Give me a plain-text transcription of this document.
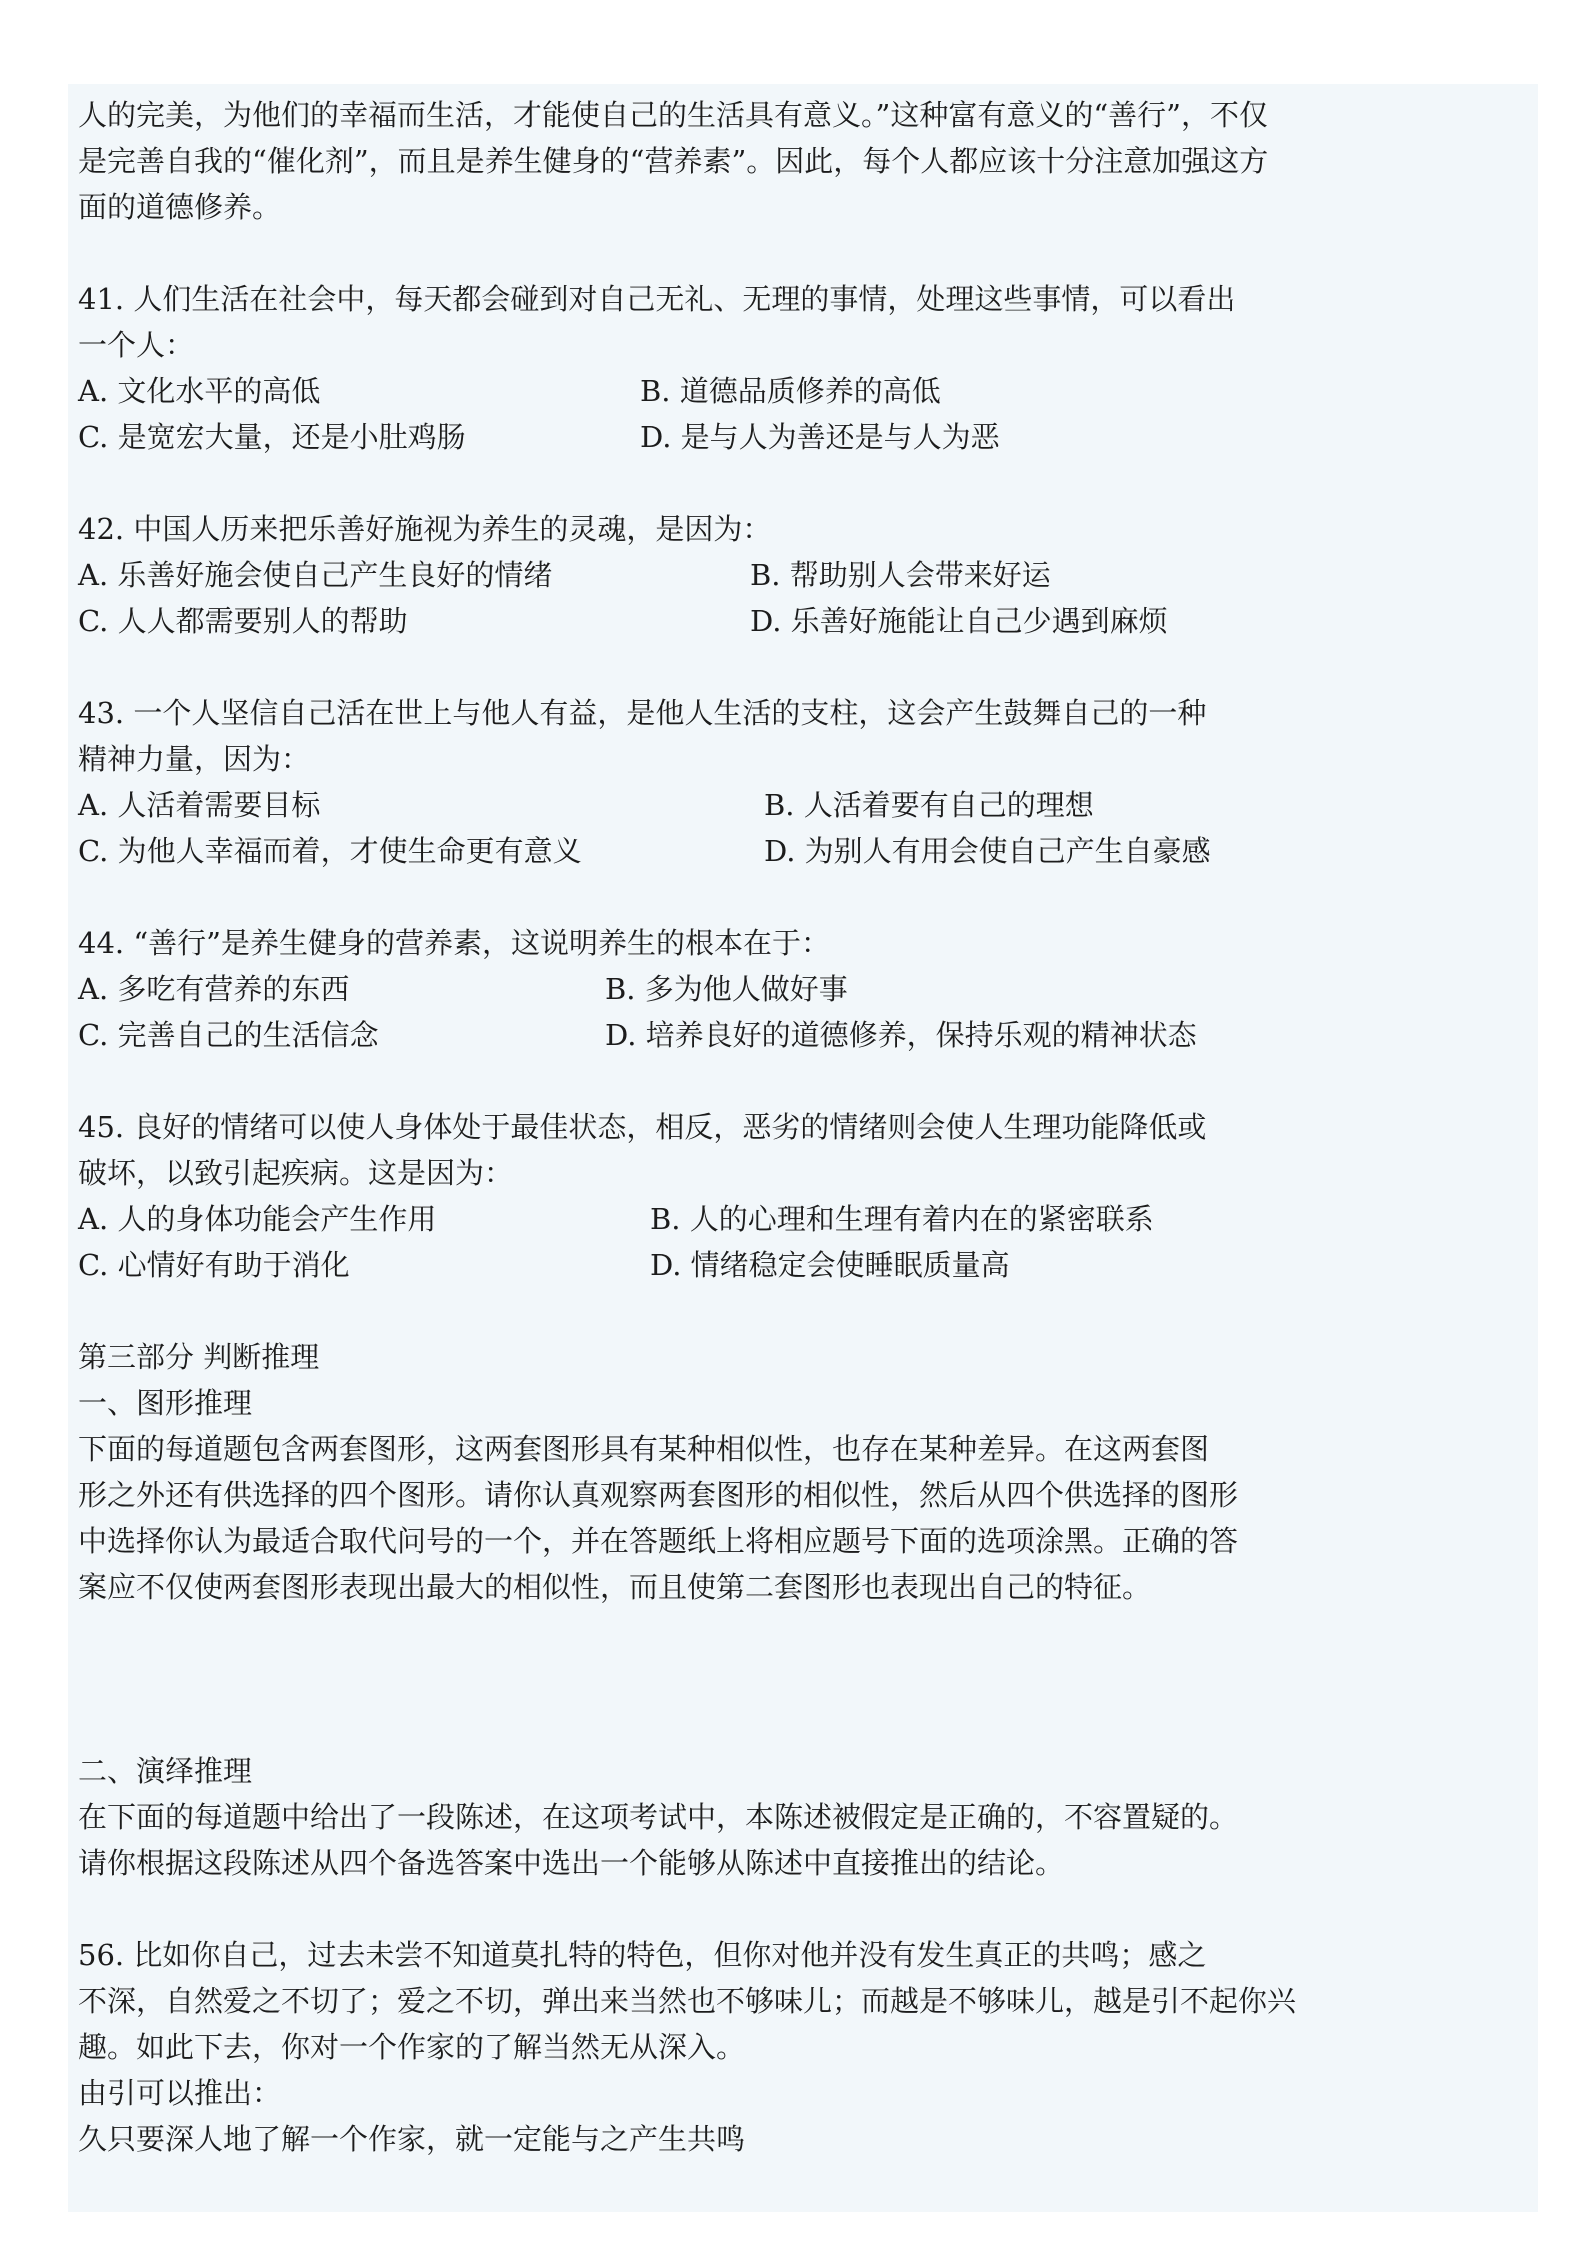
人的完美，为他们的幸福而生活，才能使自己的生活具有意义。”这种富有意义的“善行”，不仅
是完善自我的“催化剂”，而且是养生健身的“营养素”。因此，每个人都应该十分注意加强这方
面的道德修养。
41. 人们生活在社会中，每天都会碰到对自己无礼、无理的事情，处理这些事情，可以看出
一个人：
A. 文化水平的高低	B. 道德品质修养的高低
C. 是宽宏大量，还是小肚鸡肠	D. 是与人为善还是与人为恶
42. 中国人历来把乐善好施视为养生的灵魂，是因为：
A. 乐善好施会使自己产生良好的情绪	B. 帮助别人会带来好运
C. 人人都需要别人的帮助	D. 乐善好施能让自己少遇到麻烦
43. 一个人坚信自己活在世上与他人有益，是他人生活的支柱，这会产生鼓舞自己的一种
精神力量，因为：
A. 人活着需要目标	B. 人活着要有自己的理想
C. 为他人幸福而着，才使生命更有意义	D. 为别人有用会使自己产生自豪感
44. “善行”是养生健身的营养素，这说明养生的根本在于：
A. 多吃有营养的东西	B. 多为他人做好事
C. 完善自己的生活信念	D. 培养良好的道德修养，保持乐观的精神状态
45. 良好的情绪可以使人身体处于最佳状态，相反，恶劣的情绪则会使人生理功能降低或
破坏，以致引起疾病。这是因为：
A. 人的身体功能会产生作用	B. 人的心理和生理有着内在的紧密联系
C. 心情好有助于消化	D. 情绪稳定会使睡眠质量高
第三部分 判断推理
一、图形推理
下面的每道题包含两套图形，这两套图形具有某种相似性，也存在某种差异。在这两套图
形之外还有供选择的四个图形。请你认真观察两套图形的相似性，然后从四个供选择的图形
中选择你认为最适合取代问号的一个，并在答题纸上将相应题号下面的选项涂黑。正确的答
案应不仅使两套图形表现出最大的相似性，而且使第二套图形也表现出自己的特征。
二、演绎推理
在下面的每道题中给出了一段陈述，在这项考试中，本陈述被假定是正确的，不容置疑的。
请你根据这段陈述从四个备选答案中选出一个能够从陈述中直接推出的结论。
56. 比如你自己，过去未尝不知道莫扎特的特色，但你对他并没有发生真正的共鸣；感之
不深，自然爱之不切了；爱之不切，弹出来当然也不够味儿；而越是不够味儿，越是引不起你兴
趣。如此下去，你对一个作家的了解当然无从深入。
由引可以推出：
久只要深人地了解一个作家，就一定能与之产生共鸣
